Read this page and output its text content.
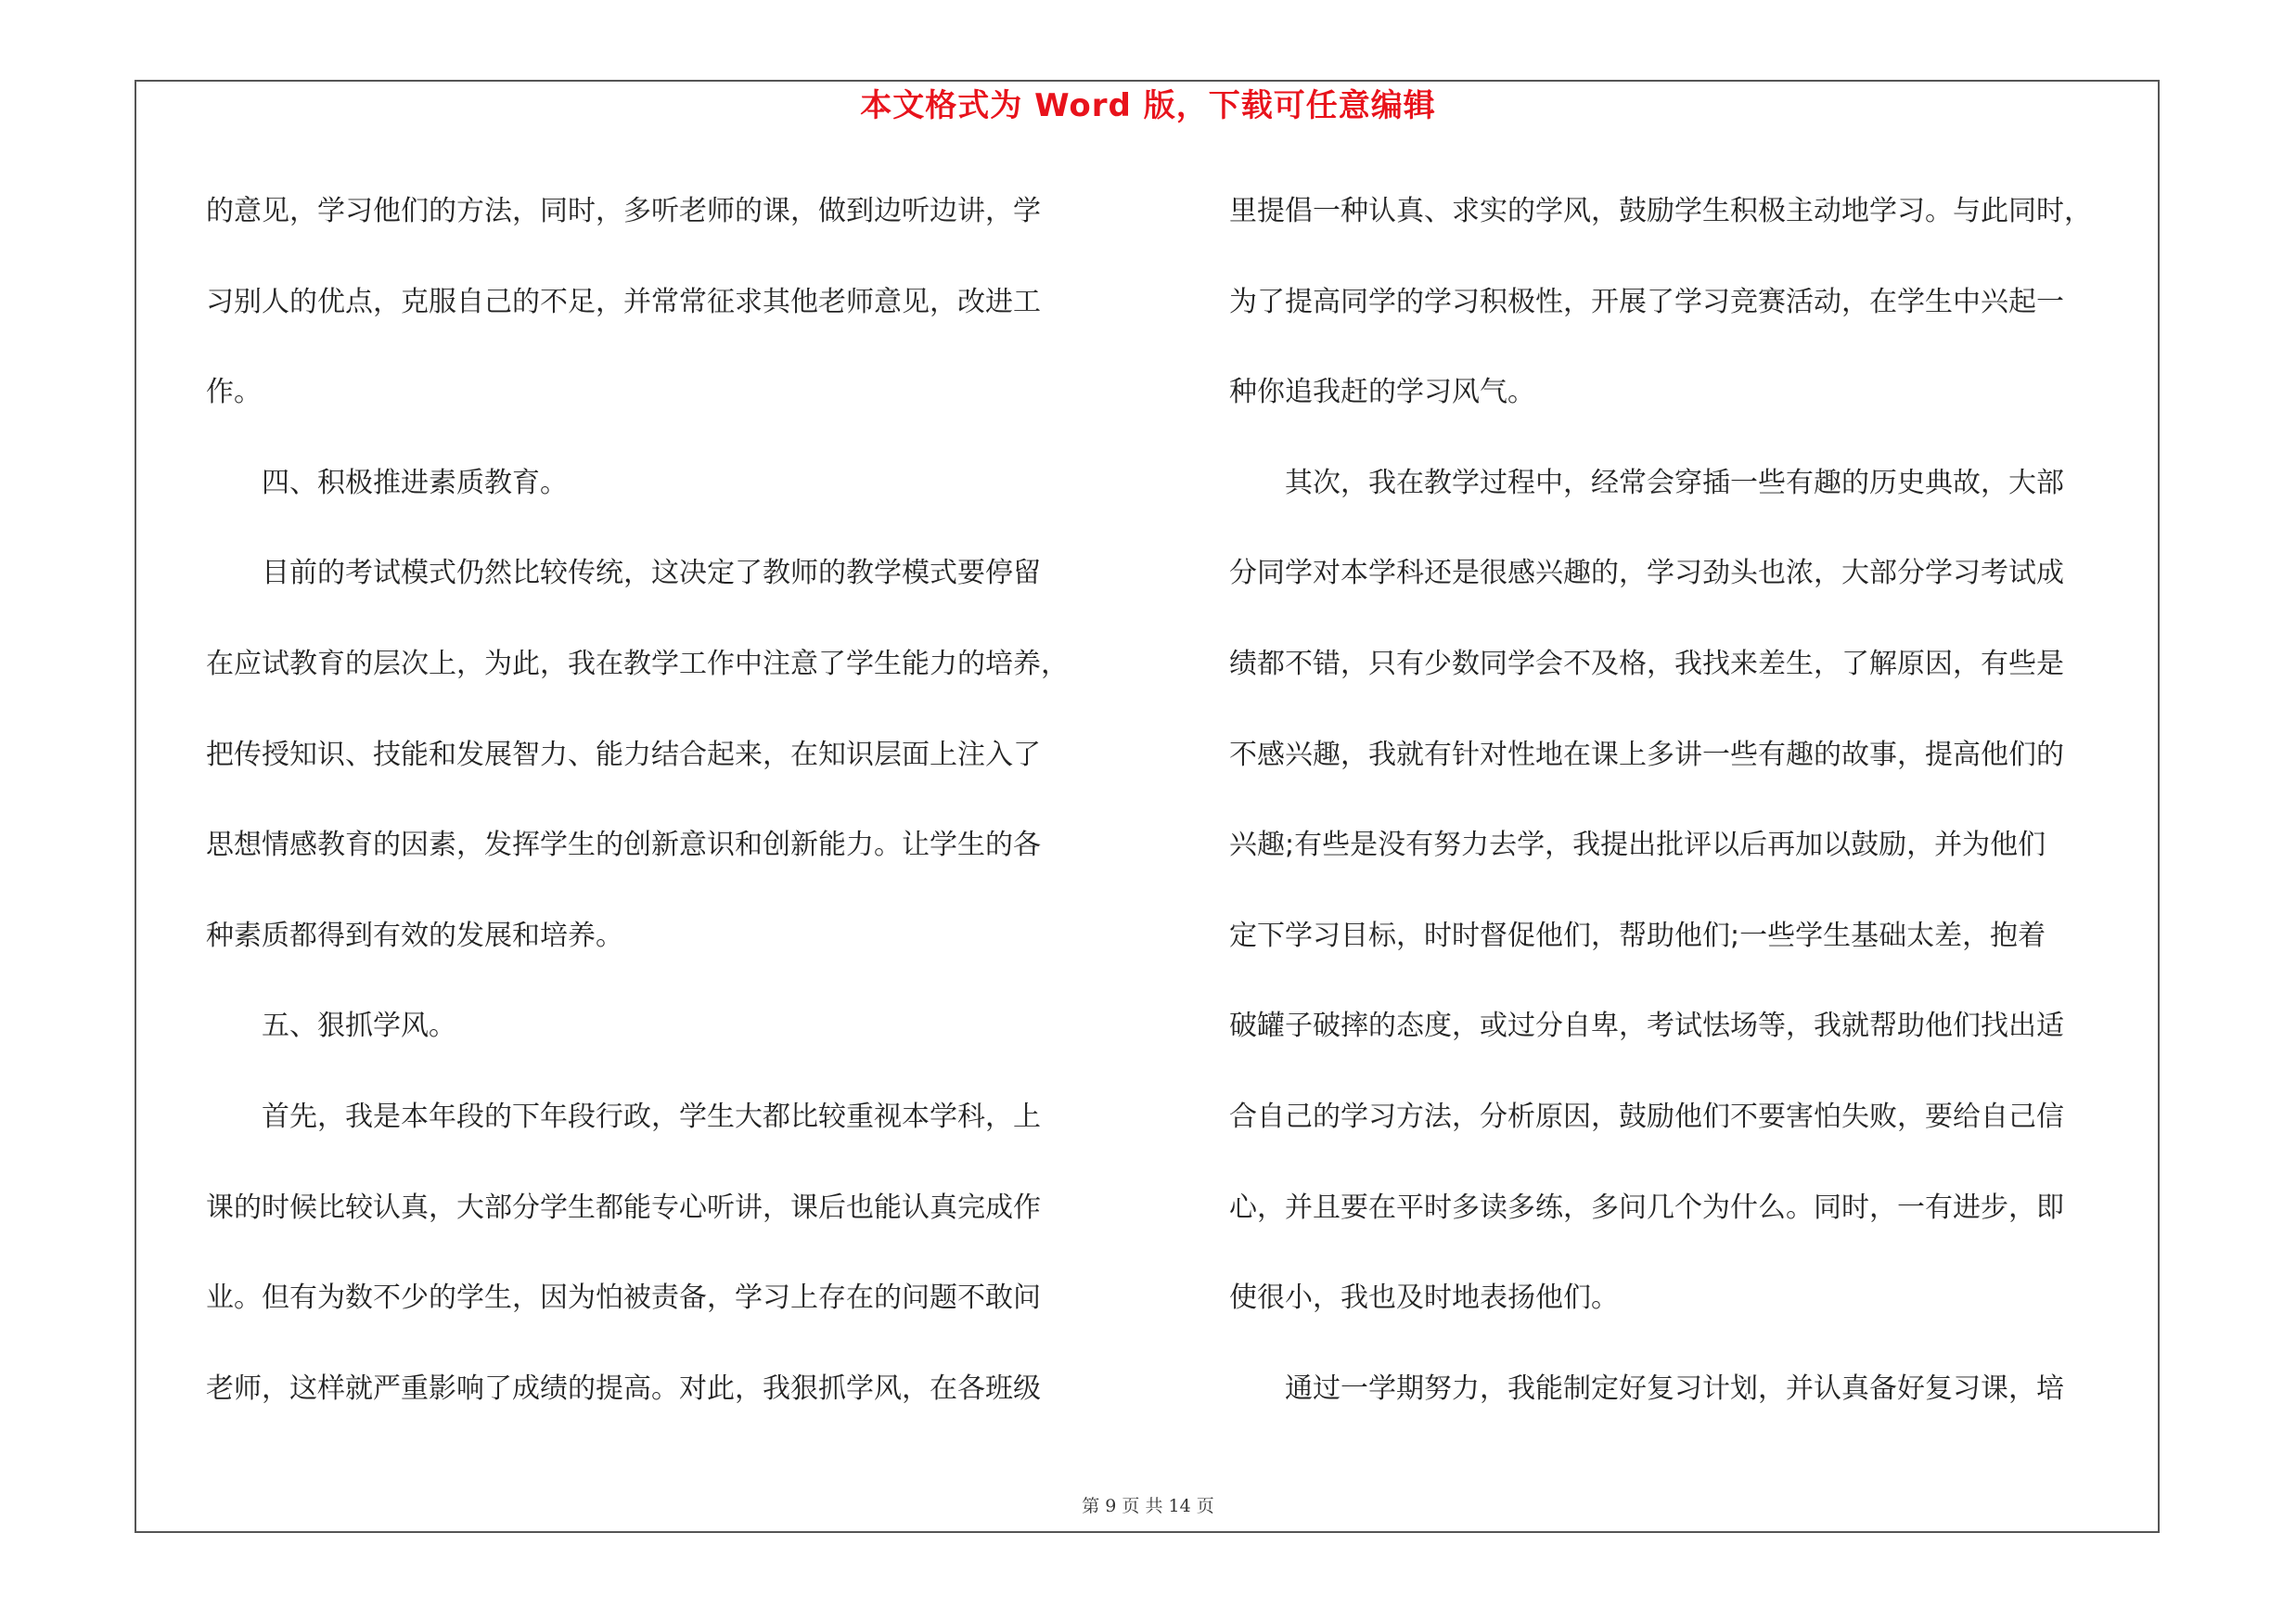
本文格式为 Word 版，下载可任意编辑
的意见，学习他们的方法，同时，多听老师的课，做到边听边讲，学
习别人的优点，克服自己的不足，并常常征求其他老师意见，改进工
作。
　　四、积极推进素质教育。
　　目前的考试模式仍然比较传统，这决定了教师的教学模式要停留
在应试教育的层次上，为此，我在教学工作中注意了学生能力的培养，
把传授知识、技能和发展智力、能力结合起来，在知识层面上注入了
思想情感教育的因素，发挥学生的创新意识和创新能力。让学生的各
种素质都得到有效的发展和培养。
　　五、狠抓学风。
　　首先，我是本年段的下年段行政，学生大都比较重视本学科，上
课的时候比较认真，大部分学生都能专心听讲，课后也能认真完成作
业。但有为数不少的学生，因为怕被责备，学习上存在的问题不敢问
老师，这样就严重影响了成绩的提高。对此，我狠抓学风，在各班级
里提倡一种认真、求实的学风，鼓励学生积极主动地学习。与此同时，
为了提高同学的学习积极性，开展了学习竞赛活动，在学生中兴起一
种你追我赶的学习风气。
　　其次，我在教学过程中，经常会穿插一些有趣的历史典故，大部
分同学对本学科还是很感兴趣的，学习劲头也浓，大部分学习考试成
绩都不错，只有少数同学会不及格，我找来差生，了解原因，有些是
不感兴趣，我就有针对性地在课上多讲一些有趣的故事，提高他们的
兴趣;有些是没有努力去学，我提出批评以后再加以鼓励，并为他们
定下学习目标，时时督促他们，帮助他们;一些学生基础太差，抱着
破罐子破摔的态度，或过分自卑，考试怯场等，我就帮助他们找出适
合自己的学习方法，分析原因，鼓励他们不要害怕失败，要给自己信
心，并且要在平时多读多练，多问几个为什么。同时，一有进步，即
使很小，我也及时地表扬他们。
　　通过一学期努力，我能制定好复习计划，并认真备好复习课，培
第 9 页 共 14 页
